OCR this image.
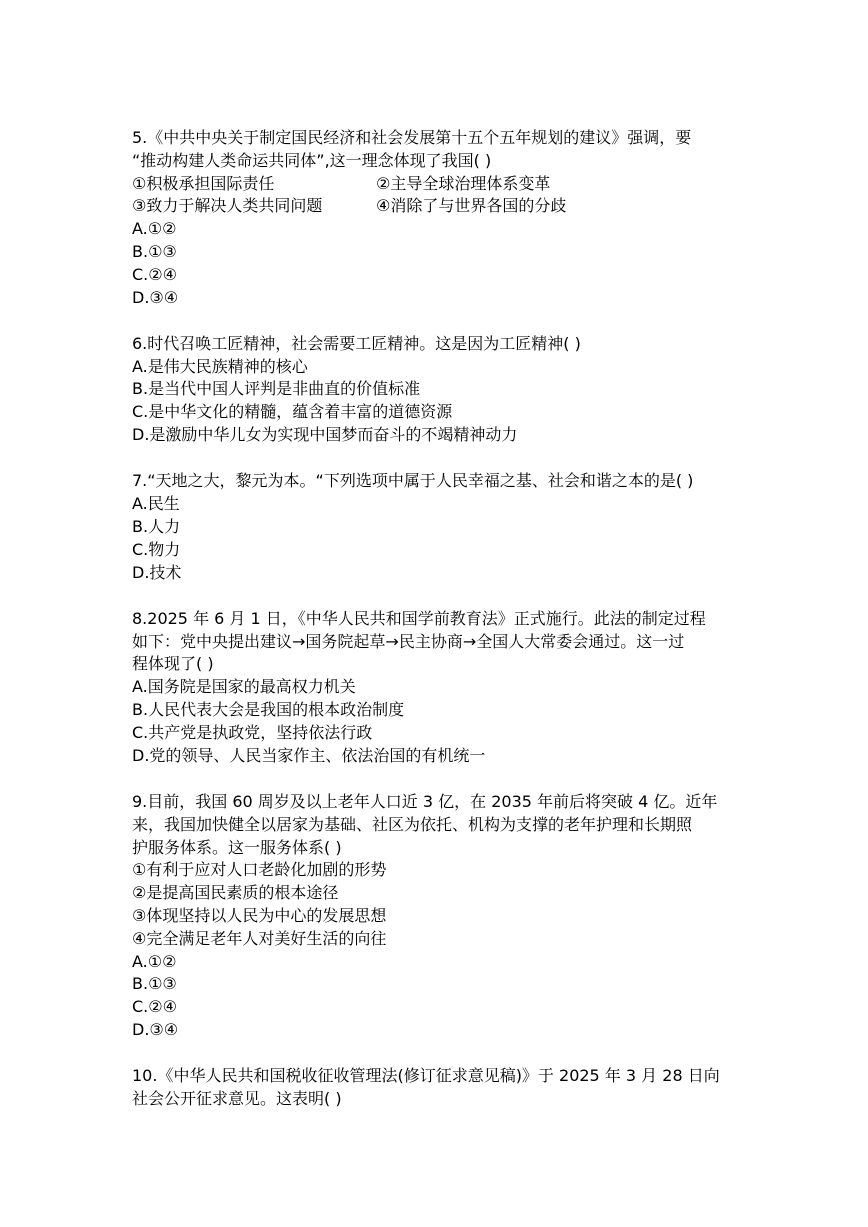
5.《中共中央关于制定国民经济和社会发展第十五个五年规划的建议》强调，要
“推动构建人类命运共同体”,这一理念体现了我国( )
①积极承担国际责任	②主导全球治理体系变革
③致力于解决人类共同问题	④消除了与世界各国的分歧
A.①②
B.①③
C.②④
D.③④
6.时代召唤工匠精神，社会需要工匠精神。这是因为工匠精神( )
A.是伟大民族精神的核心
B.是当代中国人评判是非曲直的价值标准
C.是中华文化的精髓，蕴含着丰富的道德资源
D.是激励中华儿女为实现中国梦而奋斗的不竭精神动力
7.“天地之大，黎元为本。“下列选项中属于人民幸福之基、社会和谐之本的是( )
A.民生
B.人力
C.物力
D.技术
8.2025 年 6 月 1 日，《中华人民共和国学前教育法》正式施行。此法的制定过程
如下：党中央提出建议→国务院起草→民主协商→全国人大常委会通过。这一过
程体现了( )
A.国务院是国家的最高权力机关
B.人民代表大会是我国的根本政治制度
C.共产党是执政党，坚持依法行政
D.党的领导、人民当家作主、依法治国的有机统一
9.目前，我国 60 周岁及以上老年人口近 3 亿，在 2035 年前后将突破 4 亿。近年
来，我国加快健全以居家为基础、社区为依托、机构为支撑的老年护理和长期照
护服务体系。这一服务体系( )
①有利于应对人口老龄化加剧的形势
②是提高国民素质的根本途径
③体现坚持以人民为中心的发展思想
④完全满足老年人对美好生活的向往
A.①②
B.①③
C.②④
D.③④
10.《中华人民共和国税收征收管理法(修订征求意见稿)》于 2025 年 3 月 28 日向
社会公开征求意见。这表明( )
